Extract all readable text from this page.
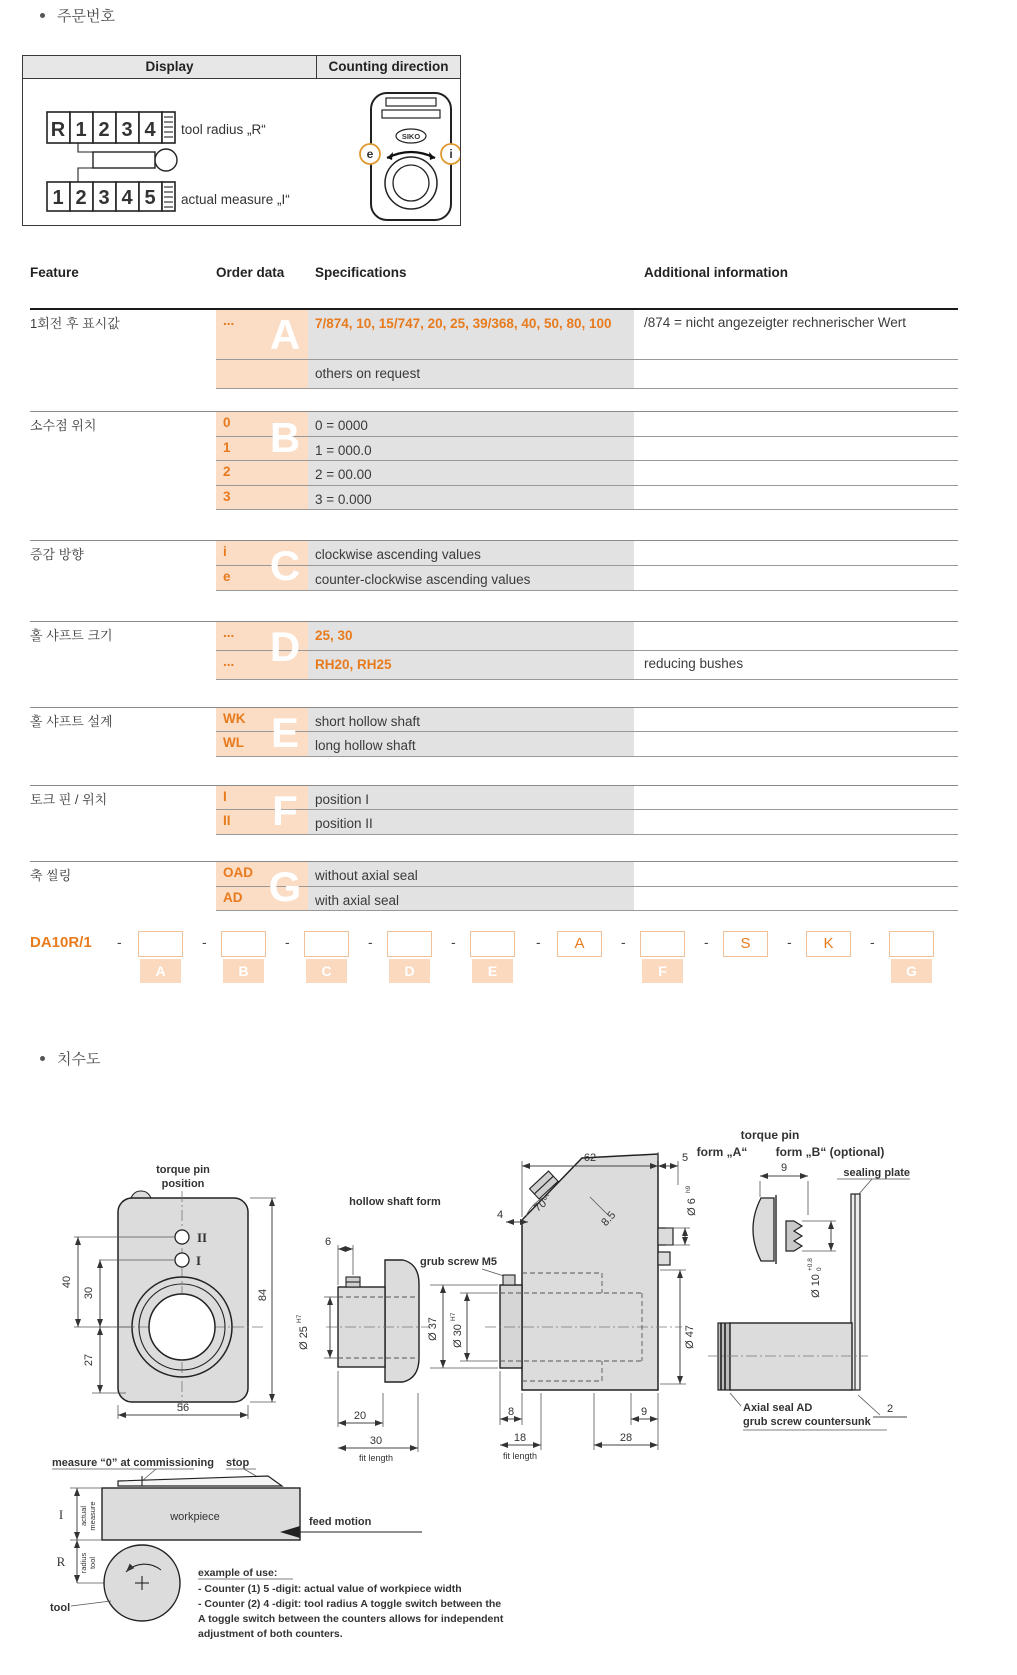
주문번호
Display	Counting direction
R 1 2 3 4 tool radius „R“
1 2 3 4 5 actual measure „I“
SIKO
e	i
Feature	Order data	Specifications	Additional information
A
1회전 후 표시값	...	7/874, 10, 15/747, 20, 25, 39/368, 40, 50, 80, 100	/874 = nicht angezeigter rechnerischer Wert
others on request
B
소수점 위치	0	0 = 0000
1	1 = 000.0
2	2 = 00.00
3	3 = 0.000
C
증감 방향	i	clockwise ascending values
e	counter-clockwise ascending values
D
홀 샤프트 크기	...	25, 30
...	RH20, RH25	reducing bushes
E
홀 샤프트 설계	WK	short hollow shaft
WL	long hollow shaft
F
토크 핀 / 위치	I	position I
II	position II
G
축 씰링	OAD	without axial seal
AD	with axial seal
DA10R/1 -
A
-
B
-
C
-
D
-
E
-	A	-
F
-	S	-	K	-
G
치수도
torque pin
position
II
I
40
30
27
84
56
hollow shaft form
6
Ø 25
H7
grub screw M5
20
30
fit length
62	5
4
70°
8.5
Ø 6
h9
Ø 37 Ø 30
H7
Ø 47
8
18
fit length
9
28
torque pin
form „A“ form „B“ (optional)
9
Ø 10
+0.8 0
sealing plate
Axial seal AD
grub screw countersunk
2
measure “0” at commissioning stop
workpiece	feed motion
I actual measure
R radius tool
tool
example of use:
- Counter (1) 5 -digit: actual value of workpiece width
- Counter (2) 4 -digit: tool radius A toggle switch between the
A toggle switch between the counters allows for independent
adjustment of both counters.
